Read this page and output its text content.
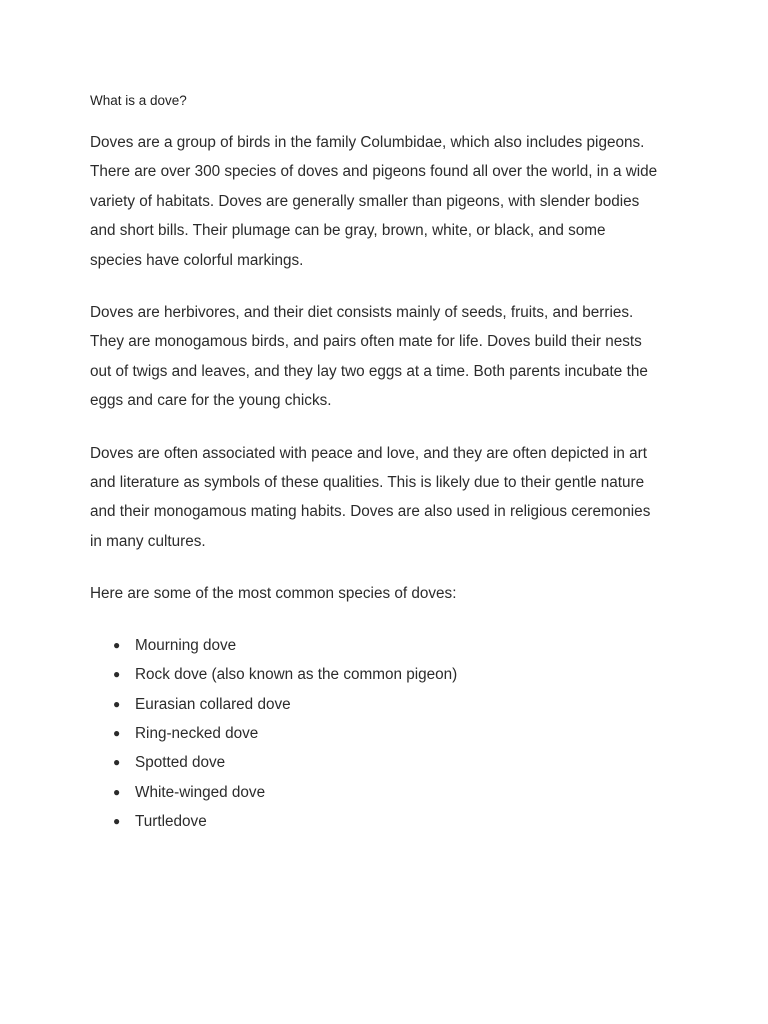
What is a dove?

Doves are a group of birds in the family Columbidae, which also includes pigeons. There are over 300 species of doves and pigeons found all over the world, in a wide variety of habitats. Doves are generally smaller than pigeons, with slender bodies and short bills. Their plumage can be gray, brown, white, or black, and some species have colorful markings.

Doves are herbivores, and their diet consists mainly of seeds, fruits, and berries. They are monogamous birds, and pairs often mate for life. Doves build their nests out of twigs and leaves, and they lay two eggs at a time. Both parents incubate the eggs and care for the young chicks.

Doves are often associated with peace and love, and they are often depicted in art and literature as symbols of these qualities. This is likely due to their gentle nature and their monogamous mating habits. Doves are also used in religious ceremonies in many cultures.

Here are some of the most common species of doves:

● Mourning dove
● Rock dove (also known as the common pigeon)
● Eurasian collared dove
● Ring-necked dove
● Spotted dove
● White-winged dove
● Turtledove
